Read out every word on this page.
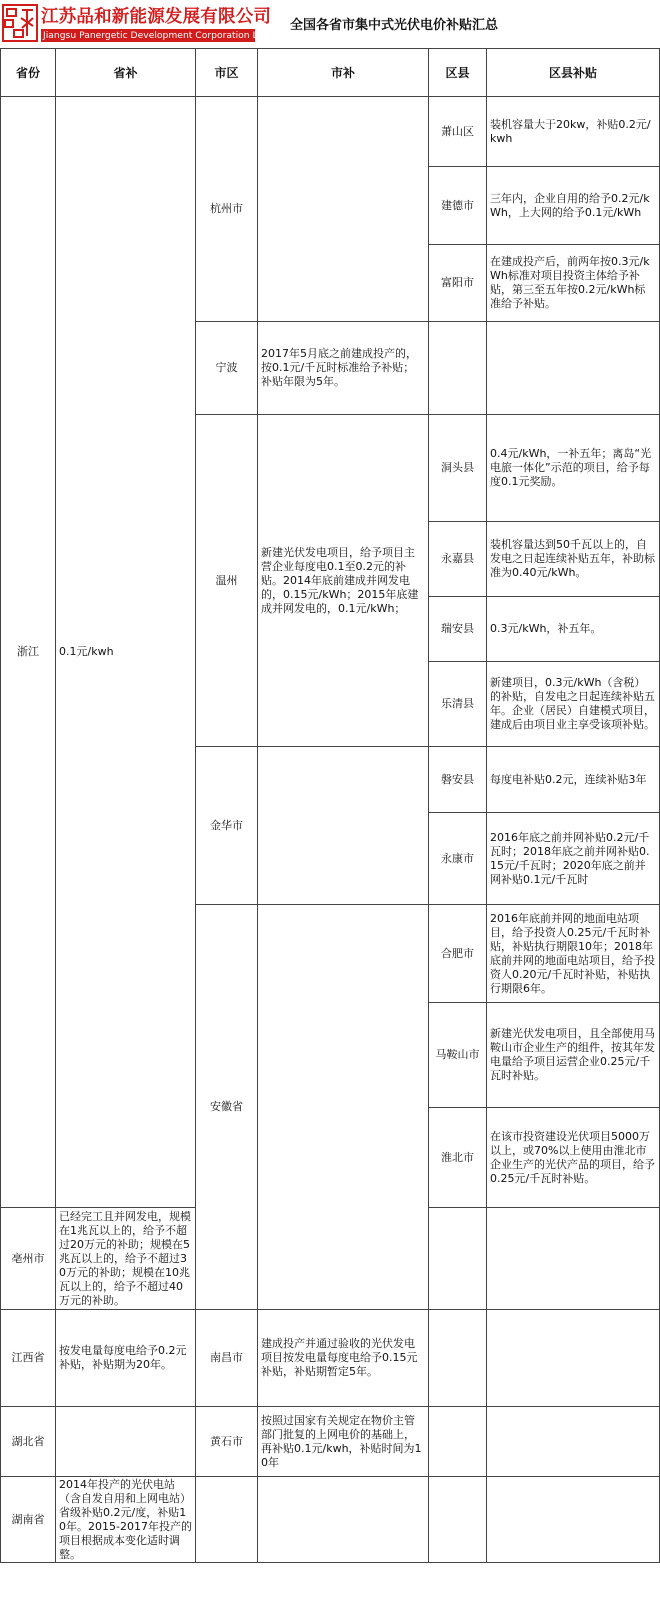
江苏品和新能源发展有限公司
Jiangsu Panergetic Development Corporation Limited
全国各省市集中式光伏电价补贴汇总
省份	省补	市区	市补	区县	区县补贴	
浙江	0.1元/kwh	杭州市		萧山区	装机容量大于20kw，补贴0.2元/kwh	
				建德市	三年内，企业自用的给予0.2元/kWh，上大网的给予0.1元/kWh	
				富阳市	在建成投产后，前两年按0.3元/kWh标准对项目投资主体给予补贴，第三至五年按0.2元/kWh标准给予补贴。	
		宁波	2017年5月底之前建成投产的，按0.1元/千瓦时标准给予补贴；补贴年限为5年。			
		温州	新建光伏发电项目，给予项目主营企业每度电0.1至0.2元的补贴。2014年底前建成并网发电的，0.15元/kWh；2015年底建成并网发电的，0.1元/kWh；	洞头县	0.4元/kWh，一补五年；离岛“光电旅一体化”示范的项目，给予每度0.1元奖励。	
				永嘉县	装机容量达到50千瓦以上的，自发电之日起连续补贴五年，补助标准为0.40元/kWh。	
				瑞安县	0.3元/kWh，补五年。	
				乐清县	新建项目，0.3元/kWh（含税）的补贴，自发电之日起连续补贴五年。企业（居民）自建模式项目，建成后由项目业主享受该项补贴。	
		金华市		磐安县	每度电补贴0.2元，连续补贴3年	
				永康市	2016年底之前并网补贴0.2元/千瓦时；2018年底之前并网补贴0.15元/千瓦时；2020年底之前并网补贴0.1元/千瓦时	
		安徽省		合肥市	2016年底前并网的地面电站项目，给予投资人0.25元/千瓦时补贴，补贴执行期限10年；2018年底前并网的地面电站项目，给予投资人0.20元/千瓦时补贴，补贴执行期限6年。		
				马鞍山市	新建光伏发电项目，且全部使用马鞍山市企业生产的组件，按其年发电量给予项目运营企业0.25元/千瓦时补贴。		
				淮北市	在该市投资建设光伏项目5000万以上，或70%以上使用由淮北市企业生产的光伏产品的项目，给予0.25元/千瓦时补贴。		
亳州市	已经完工且并网发电，规模在1兆瓦以上的，给予不超过20万元的补助；规模在5兆瓦以上的，给予不超过30万元的补助；规模在10兆瓦以上的，给予不超过40万元的补助。					
江西省	按发电量每度电给予0.2元补贴，补贴期为20年。	南昌市	建成投产并通过验收的光伏发电项目按发电量每度电给予0.15元补贴，补贴期暂定5年。			
湖北省		黄石市	按照过国家有关规定在物价主管部门批复的上网电价的基础上，再补贴0.1元/kwh，补贴时间为10年			
湖南省	2014年投产的光伏电站（含自发自用和上网电站）省级补贴0.2元/度，补贴10年。2015-2017年投产的项目根据成本变化适时调整。					
